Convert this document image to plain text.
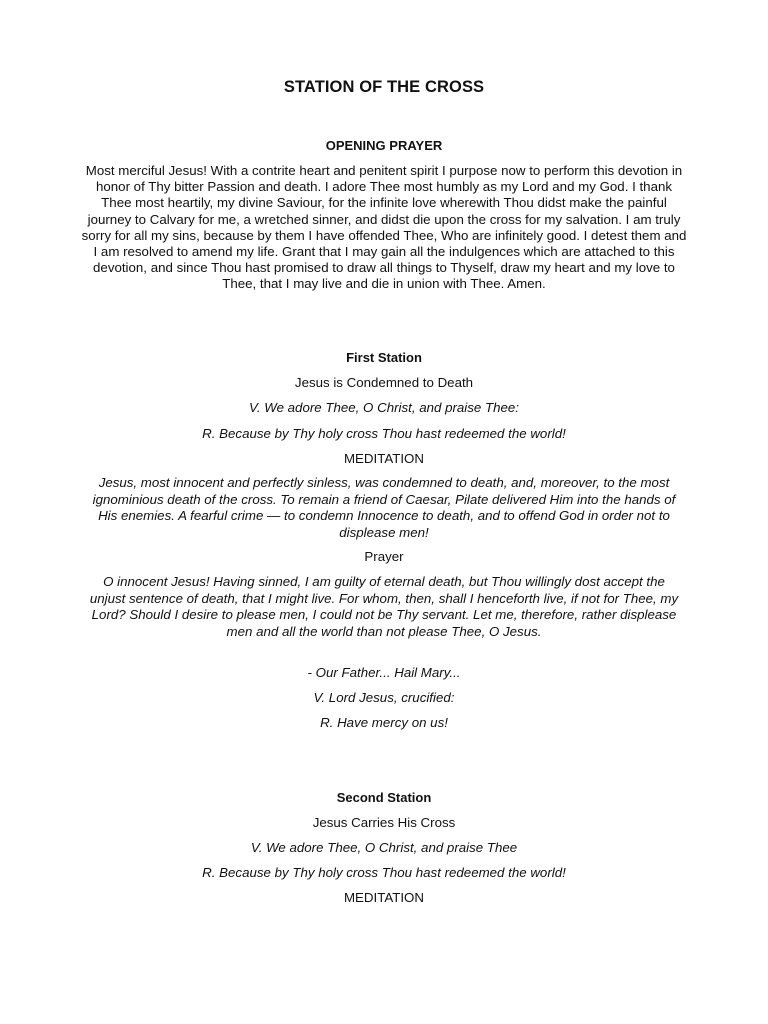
STATION OF THE CROSS
OPENING PRAYER
Most merciful Jesus! With a contrite heart and penitent spirit I purpose now to perform this devotion in honor of Thy bitter Passion and death. I adore Thee most humbly as my Lord and my God. I thank Thee most heartily, my divine Saviour, for the infinite love wherewith Thou didst make the painful journey to Calvary for me, a wretched sinner, and didst die upon the cross for my salvation. I am truly sorry for all my sins, because by them I have offended Thee, Who are infinitely good. I detest them and I am resolved to amend my life. Grant that I may gain all the indulgences which are attached to this devotion, and since Thou hast promised to draw all things to Thyself, draw my heart and my love to Thee, that I may live and die in union with Thee. Amen.
First Station
Jesus is Condemned to Death
V. We adore Thee, O Christ, and praise Thee:
R. Because by Thy holy cross Thou hast redeemed the world!
MEDITATION
Jesus, most innocent and perfectly sinless, was condemned to death, and, moreover, to the most ignominious death of the cross. To remain a friend of Caesar, Pilate delivered Him into the hands of His enemies. A fearful crime — to condemn Innocence to death, and to offend God in order not to displease men!
Prayer
O innocent Jesus! Having sinned, I am guilty of eternal death, but Thou willingly dost accept the unjust sentence of death, that I might live. For whom, then, shall I henceforth live, if not for Thee, my Lord? Should I desire to please men, I could not be Thy servant. Let me, therefore, rather displease men and all the world than not please Thee, O Jesus.
- Our Father... Hail Mary...
V. Lord Jesus, crucified:
R. Have mercy on us!
Second Station
Jesus Carries His Cross
V. We adore Thee, O Christ, and praise Thee
R. Because by Thy holy cross Thou hast redeemed the world!
MEDITATION
